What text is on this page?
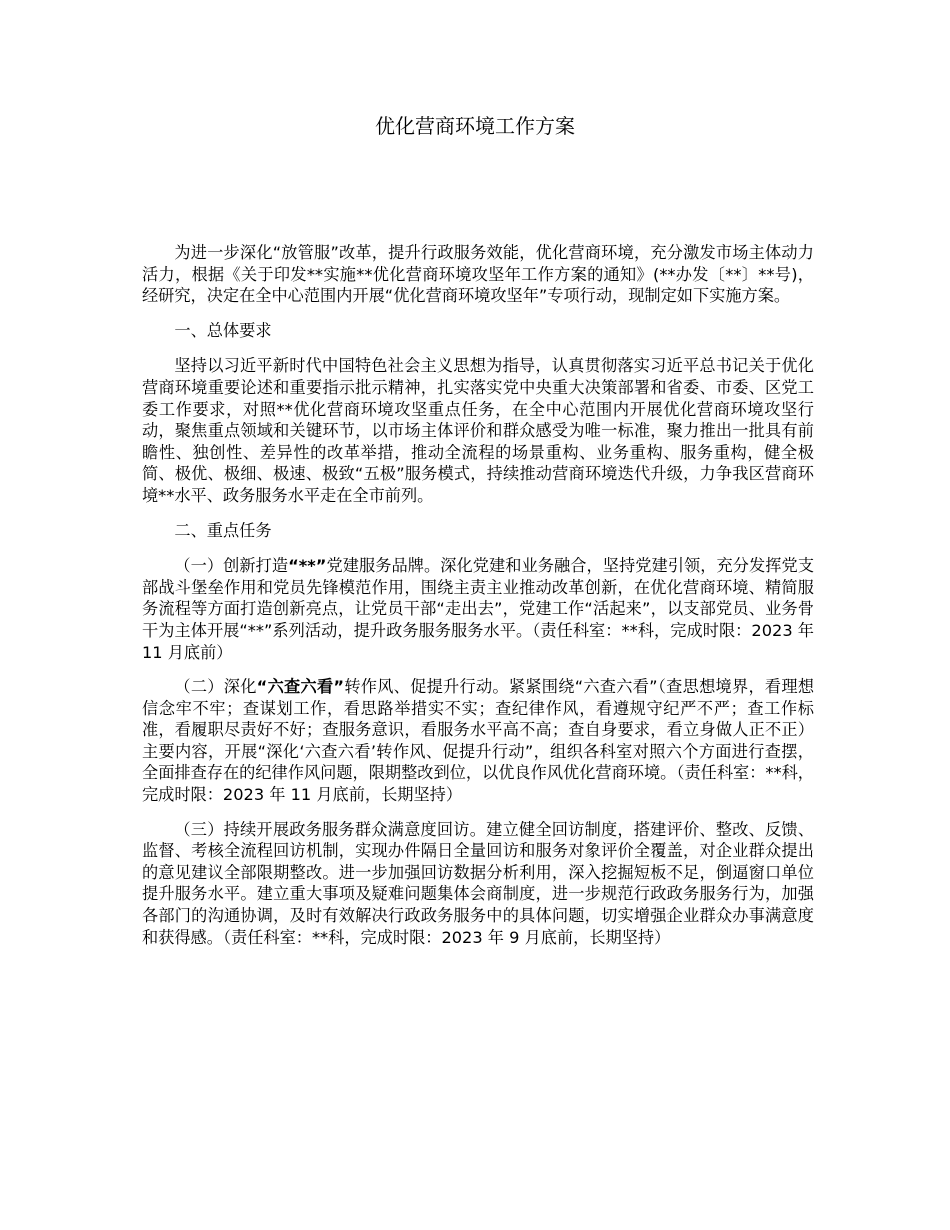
优化营商环境工作方案

为进一步深化“放管服”改革，提升行政服务效能，优化营商环境，充分激发市场主体动力活力，根据《关于印发**实施**优化营商环境攻坚年工作方案的通知》(**办发〔**〕**号)，经研究，决定在全中心范围内开展“优化营商环境攻坚年”专项行动，现制定如下实施方案。

一、总体要求

坚持以习近平新时代中国特色社会主义思想为指导，认真贯彻落实习近平总书记关于优化营商环境重要论述和重要指示批示精神，扎实落实党中央重大决策部署和省委、市委、区党工委工作要求，对照**优化营商环境攻坚重点任务，在全中心范围内开展优化营商环境攻坚行动，聚焦重点领域和关键环节，以市场主体评价和群众感受为唯一标准，聚力推出一批具有前瞻性、独创性、差异性的改革举措，推动全流程的场景重构、业务重构、服务重构，健全极简、极优、极细、极速、极致“五极”服务模式，持续推动营商环境迭代升级，力争我区营商环境**水平、政务服务水平走在全市前列。

二、重点任务

（一）创新打造“**”党建服务品牌。深化党建和业务融合，坚持党建引领，充分发挥党支部战斗堡垒作用和党员先锋模范作用，围绕主责主业推动改革创新，在优化营商环境、精简服务流程等方面打造创新亮点，让党员干部“走出去”，党建工作“活起来”，以支部党员、业务骨干为主体开展“**”系列活动，提升政务服务服务水平。（责任科室：**科，完成时限：2023 年 11 月底前）

（二）深化“六查六看”转作风、促提升行动。紧紧围绕“六查六看”（查思想境界，看理想信念牢不牢；查谋划工作，看思路举措实不实；查纪律作风，看遵规守纪严不严；查工作标准，看履职尽责好不好；查服务意识，看服务水平高不高；查自身要求，看立身做人正不正）主要内容，开展“深化‘六查六看’转作风、促提升行动”，组织各科室对照六个方面进行查摆，全面排查存在的纪律作风问题，限期整改到位，以优良作风优化营商环境。（责任科室：**科，完成时限：2023 年 11 月底前，长期坚持）

（三）持续开展政务服务群众满意度回访。建立健全回访制度，搭建评价、整改、反馈、监督、考核全流程回访机制，实现办件隔日全量回访和服务对象评价全覆盖，对企业群众提出的意见建议全部限期整改。进一步加强回访数据分析利用，深入挖掘短板不足，倒逼窗口单位提升服务水平。建立重大事项及疑难问题集体会商制度，进一步规范行政政务服务行为，加强各部门的沟通协调，及时有效解决行政政务服务中的具体问题，切实增强企业群众办事满意度和获得感。（责任科室：**科，完成时限：2023 年 9 月底前，长期坚持）
